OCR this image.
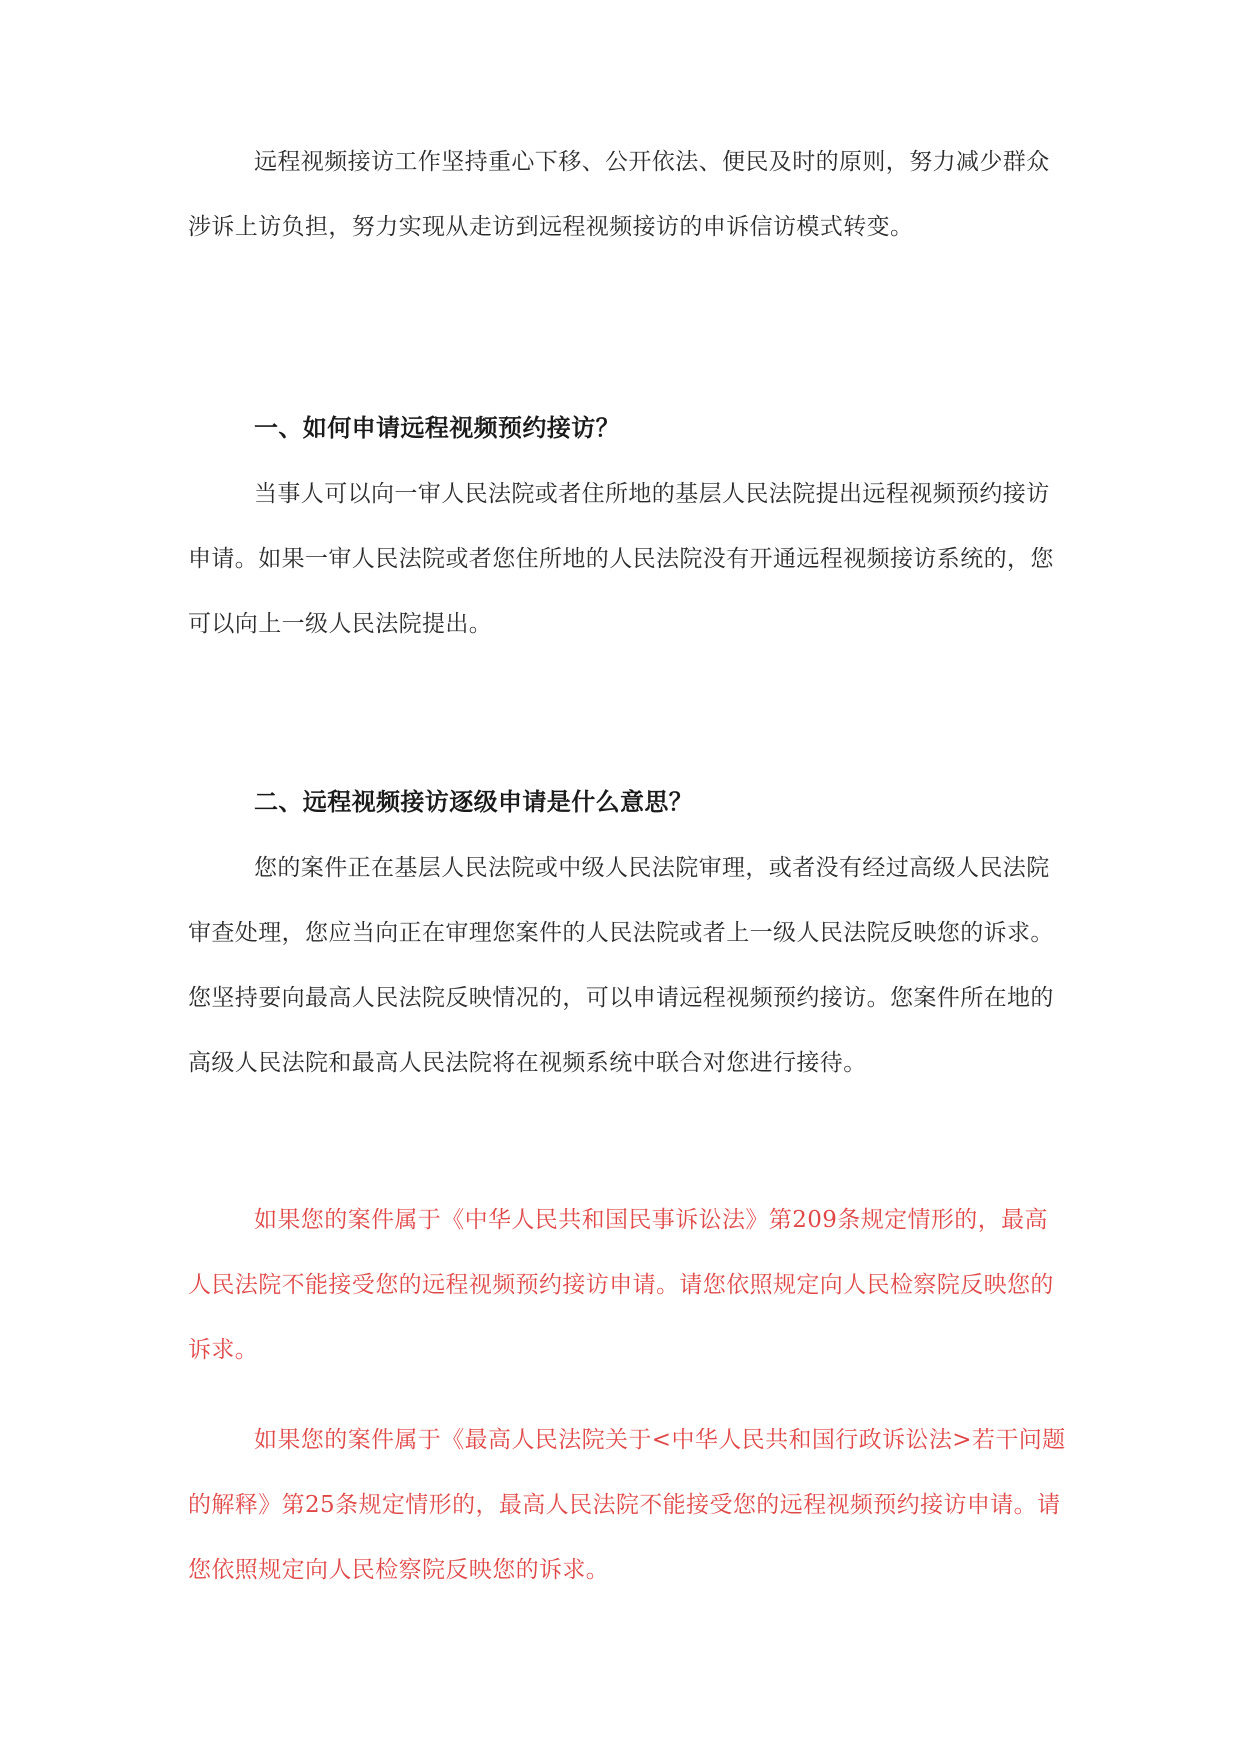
远程视频接访工作坚持重心下移、公开依法、便民及时的原则，努力减少群众涉诉上访负担，努力实现从走访到远程视频接访的申诉信访模式转变。

一、如何申请远程视频预约接访？

当事人可以向一审人民法院或者住所地的基层人民法院提出远程视频预约接访申请。如果一审人民法院或者您住所地的人民法院没有开通远程视频接访系统的，您可以向上一级人民法院提出。

二、远程视频接访逐级申请是什么意思？

您的案件正在基层人民法院或中级人民法院审理，或者没有经过高级人民法院审查处理，您应当向正在审理您案件的人民法院或者上一级人民法院反映您的诉求。您坚持要向最高人民法院反映情况的，可以申请远程视频预约接访。您案件所在地的高级人民法院和最高人民法院将在视频系统中联合对您进行接待。

如果您的案件属于《中华人民共和国民事诉讼法》第209条规定情形的，最高人民法院不能接受您的远程视频预约接访申请。请您依照规定向人民检察院反映您的诉求。

如果您的案件属于《最高人民法院关于<中华人民共和国行政诉讼法>若干问题的解释》第25条规定情形的，最高人民法院不能接受您的远程视频预约接访申请。请您依照规定向人民检察院反映您的诉求。
